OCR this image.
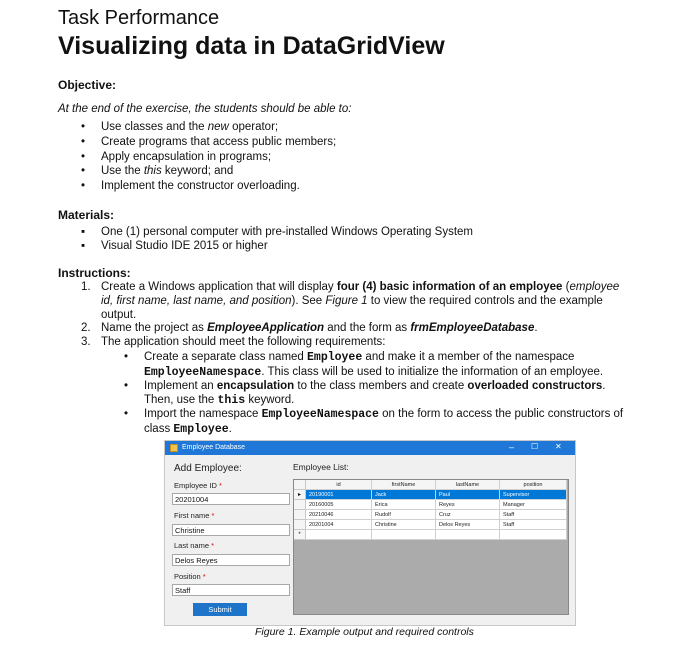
Task Performance
Visualizing data in DataGridView
Objective:
At the end of the exercise, the students should be able to:
• Use classes and the new operator;
• Create programs that access public members;
• Apply encapsulation in programs;
• Use the this keyword; and
• Implement the constructor overloading.
Materials:
▪ One (1) personal computer with pre-installed Windows Operating System
▪ Visual Studio IDE 2015 or higher
Instructions:
1. Create a Windows application that will display four (4) basic information of an employee (employee
id, first name, last name, and position). See Figure 1 to view the required controls and the example
output.
2. Name the project as EmployeeApplication and the form as frmEmployeeDatabase.
3. The application should meet the following requirements:
• Create a separate class named Employee and make it a member of the namespace
EmployeeNamespace. This class will be used to initialize the information of an employee.
• Implement an encapsulation to the class members and create overloaded constructors.
Then, use the this keyword.
• Import the namespace EmployeeNamespace on the form to access the public constructors of
class Employee.
Employee Database	– ☐ ✕
Add Employee:	Employee List:
Employee ID *
20201004
First name *
Christine
Last name *
Delos Reyes
Position *
Staff
Submit
id	firstName	lastName	position
▸	20190001	Jack	Paul	Supervisor
20160005	Erica	Reyes	Manager
20210046	Rudolf	Cruz	Staff
20201004	Christine	Delos Reyes	Staff
*
Figure 1. Example output and required controls
